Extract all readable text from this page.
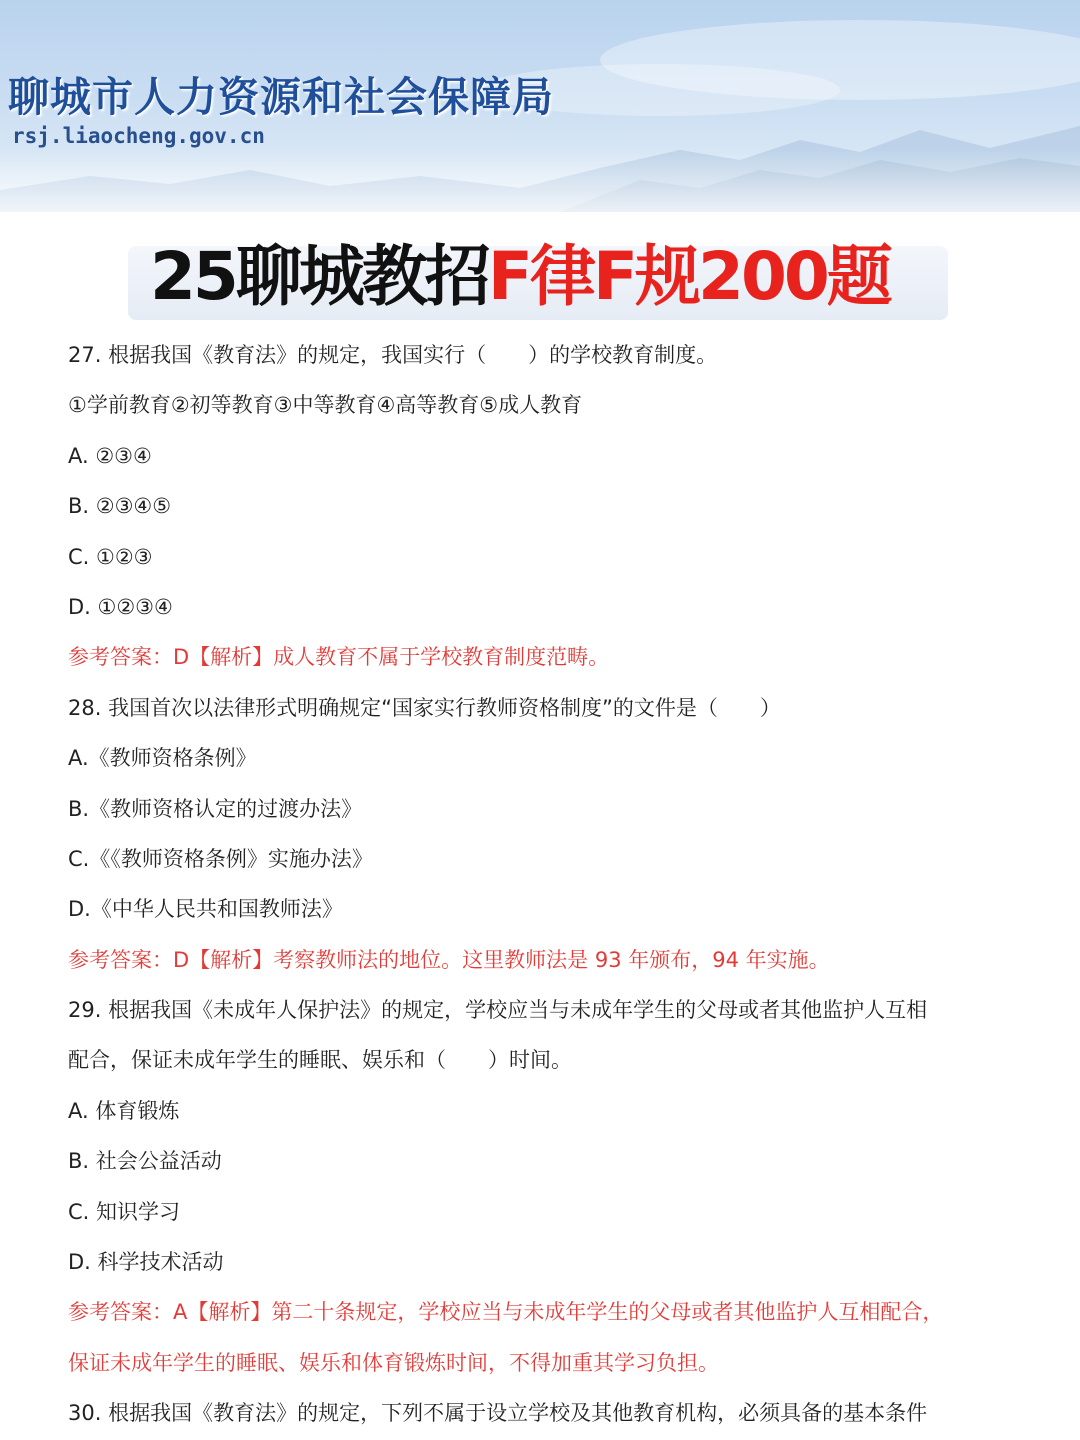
聊城市人力资源和社会保障局
rsj.liaocheng.gov.cn
25聊城教招F律F规200题
27. 根据我国《教育法》的规定，我国实行（　　）的学校教育制度。
①学前教育②初等教育③中等教育④高等教育⑤成人教育
A. ②③④
B. ②③④⑤
C. ①②③
D. ①②③④
参考答案：D【解析】成人教育不属于学校教育制度范畴。
28. 我国首次以法律形式明确规定“国家实行教师资格制度”的文件是（　　）
A.《教师资格条例》
B.《教师资格认定的过渡办法》
C.《《教师资格条例》实施办法》
D.《中华人民共和国教师法》
参考答案：D【解析】考察教师法的地位。这里教师法是 93 年颁布，94 年实施。
29. 根据我国《未成年人保护法》的规定，学校应当与未成年学生的父母或者其他监护人互相
配合，保证未成年学生的睡眠、娱乐和（　　）时间。
A. 体育锻炼
B. 社会公益活动
C. 知识学习
D. 科学技术活动
参考答案：A【解析】第二十条规定，学校应当与未成年学生的父母或者其他监护人互相配合，
保证未成年学生的睡眠、娱乐和体育锻炼时间，不得加重其学习负担。
30. 根据我国《教育法》的规定，下列不属于设立学校及其他教育机构，必须具备的基本条件
